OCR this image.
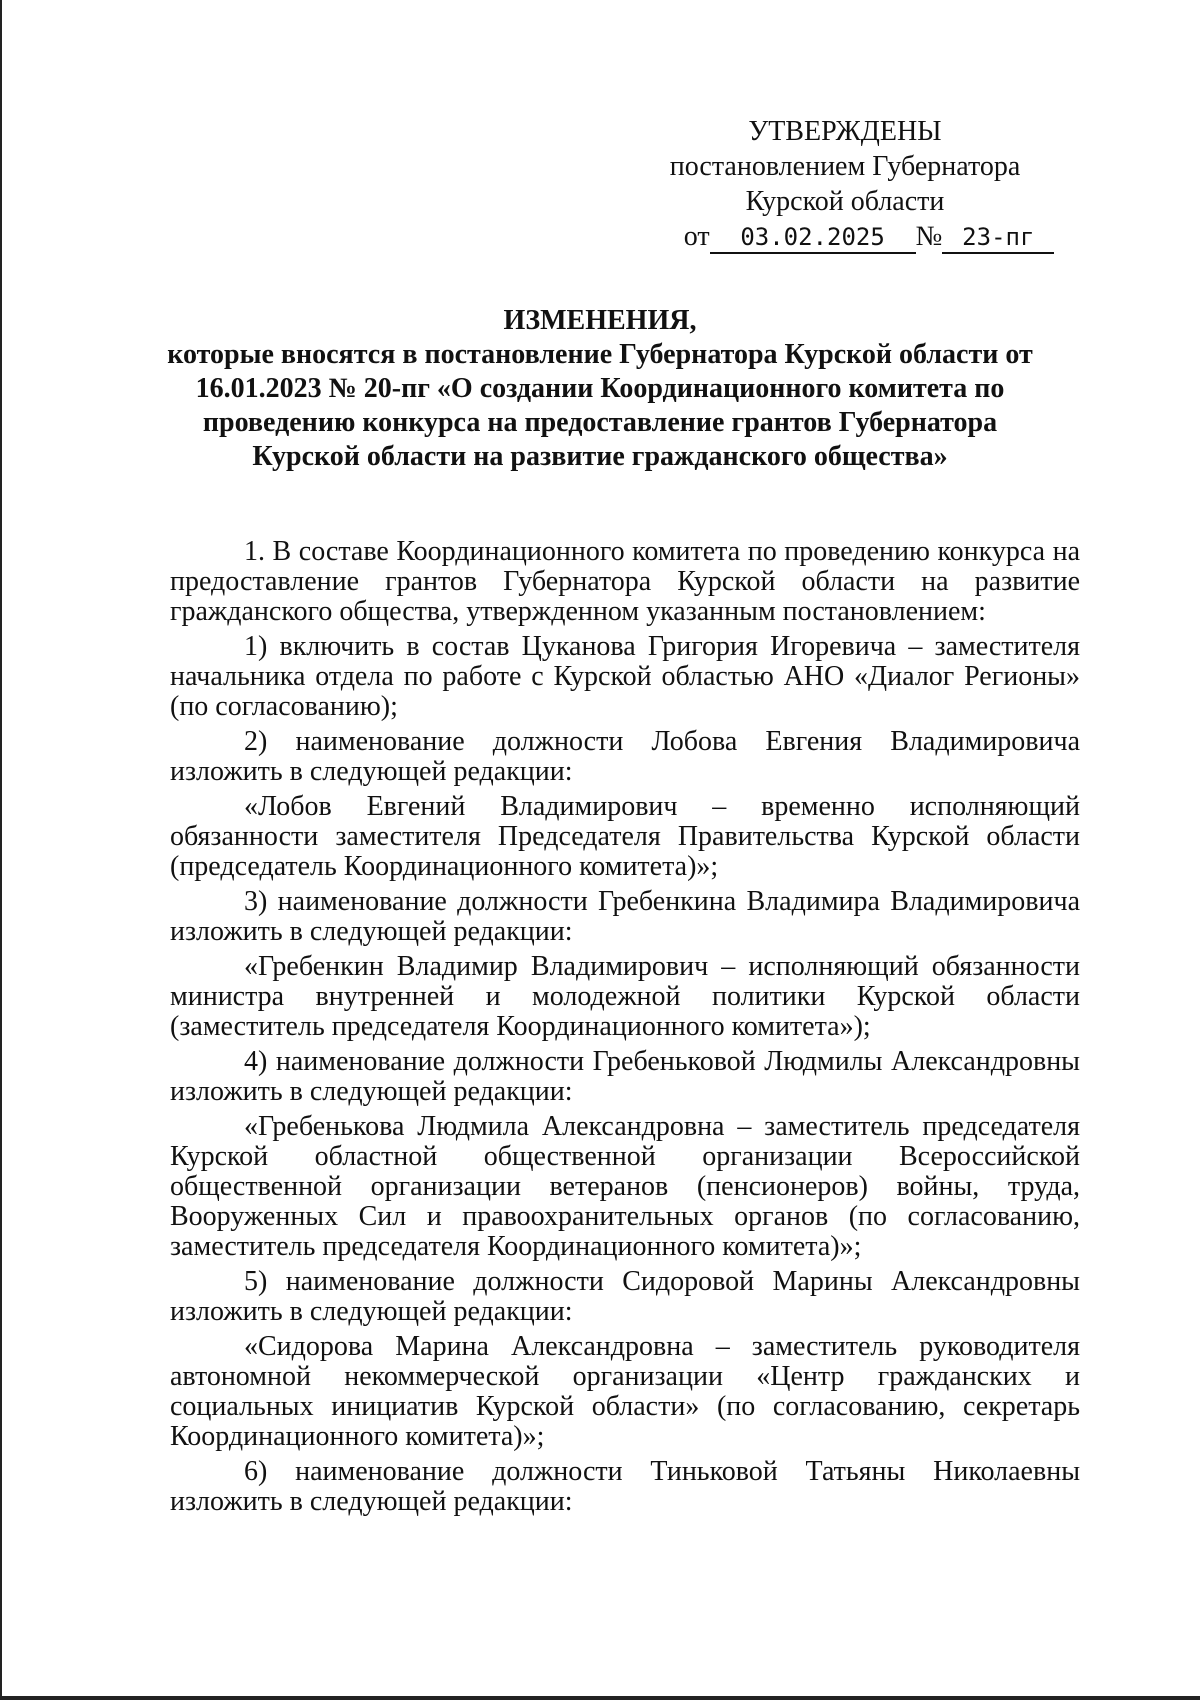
УТВЕРЖДЕНЫ
постановлением Губернатора
Курской области
от 03.02.2025 № 23-пг
ИЗМЕНЕНИЯ,
которые вносятся в постановление Губернатора Курской области от
16.01.2023 № 20-пг «О создании Координационного комитета по
проведению конкурса на предоставление грантов Губернатора
Курской области на развитие гражданского общества»
1. В составе Координационного комитета по проведению конкурса на предоставление грантов Губернатора Курской области на развитие гражданского общества, утвержденном указанным постановлением:
1) включить в состав Цуканова Григория Игоревича – заместителя начальника отдела по работе с Курской областью АНО «Диалог Регионы» (по согласованию);
2) наименование должности Лобова Евгения Владимировича изложить в следующей редакции:
«Лобов Евгений Владимирович – временно исполняющий обязанности заместителя Председателя Правительства Курской области (председатель Координационного комитета)»;
3) наименование должности Гребенкина Владимира Владимировича изложить в следующей редакции:
«Гребенкин Владимир Владимирович – исполняющий обязанности министра внутренней и молодежной политики Курской области (заместитель председателя Координационного комитета»);
4) наименование должности Гребеньковой Людмилы Александровны изложить в следующей редакции:
«Гребенькова Людмила Александровна – заместитель председателя Курской областной общественной организации Всероссийской общественной организации ветеранов (пенсионеров) войны, труда, Вооруженных Сил и правоохранительных органов (по согласованию, заместитель председателя Координационного комитета)»;
5) наименование должности Сидоровой Марины Александровны изложить в следующей редакции:
«Сидорова Марина Александровна – заместитель руководителя автономной некоммерческой организации «Центр гражданских и социальных инициатив Курской области» (по согласованию, секретарь Координационного комитета)»;
6) наименование должности Тиньковой Татьяны Николаевны изложить в следующей редакции:
